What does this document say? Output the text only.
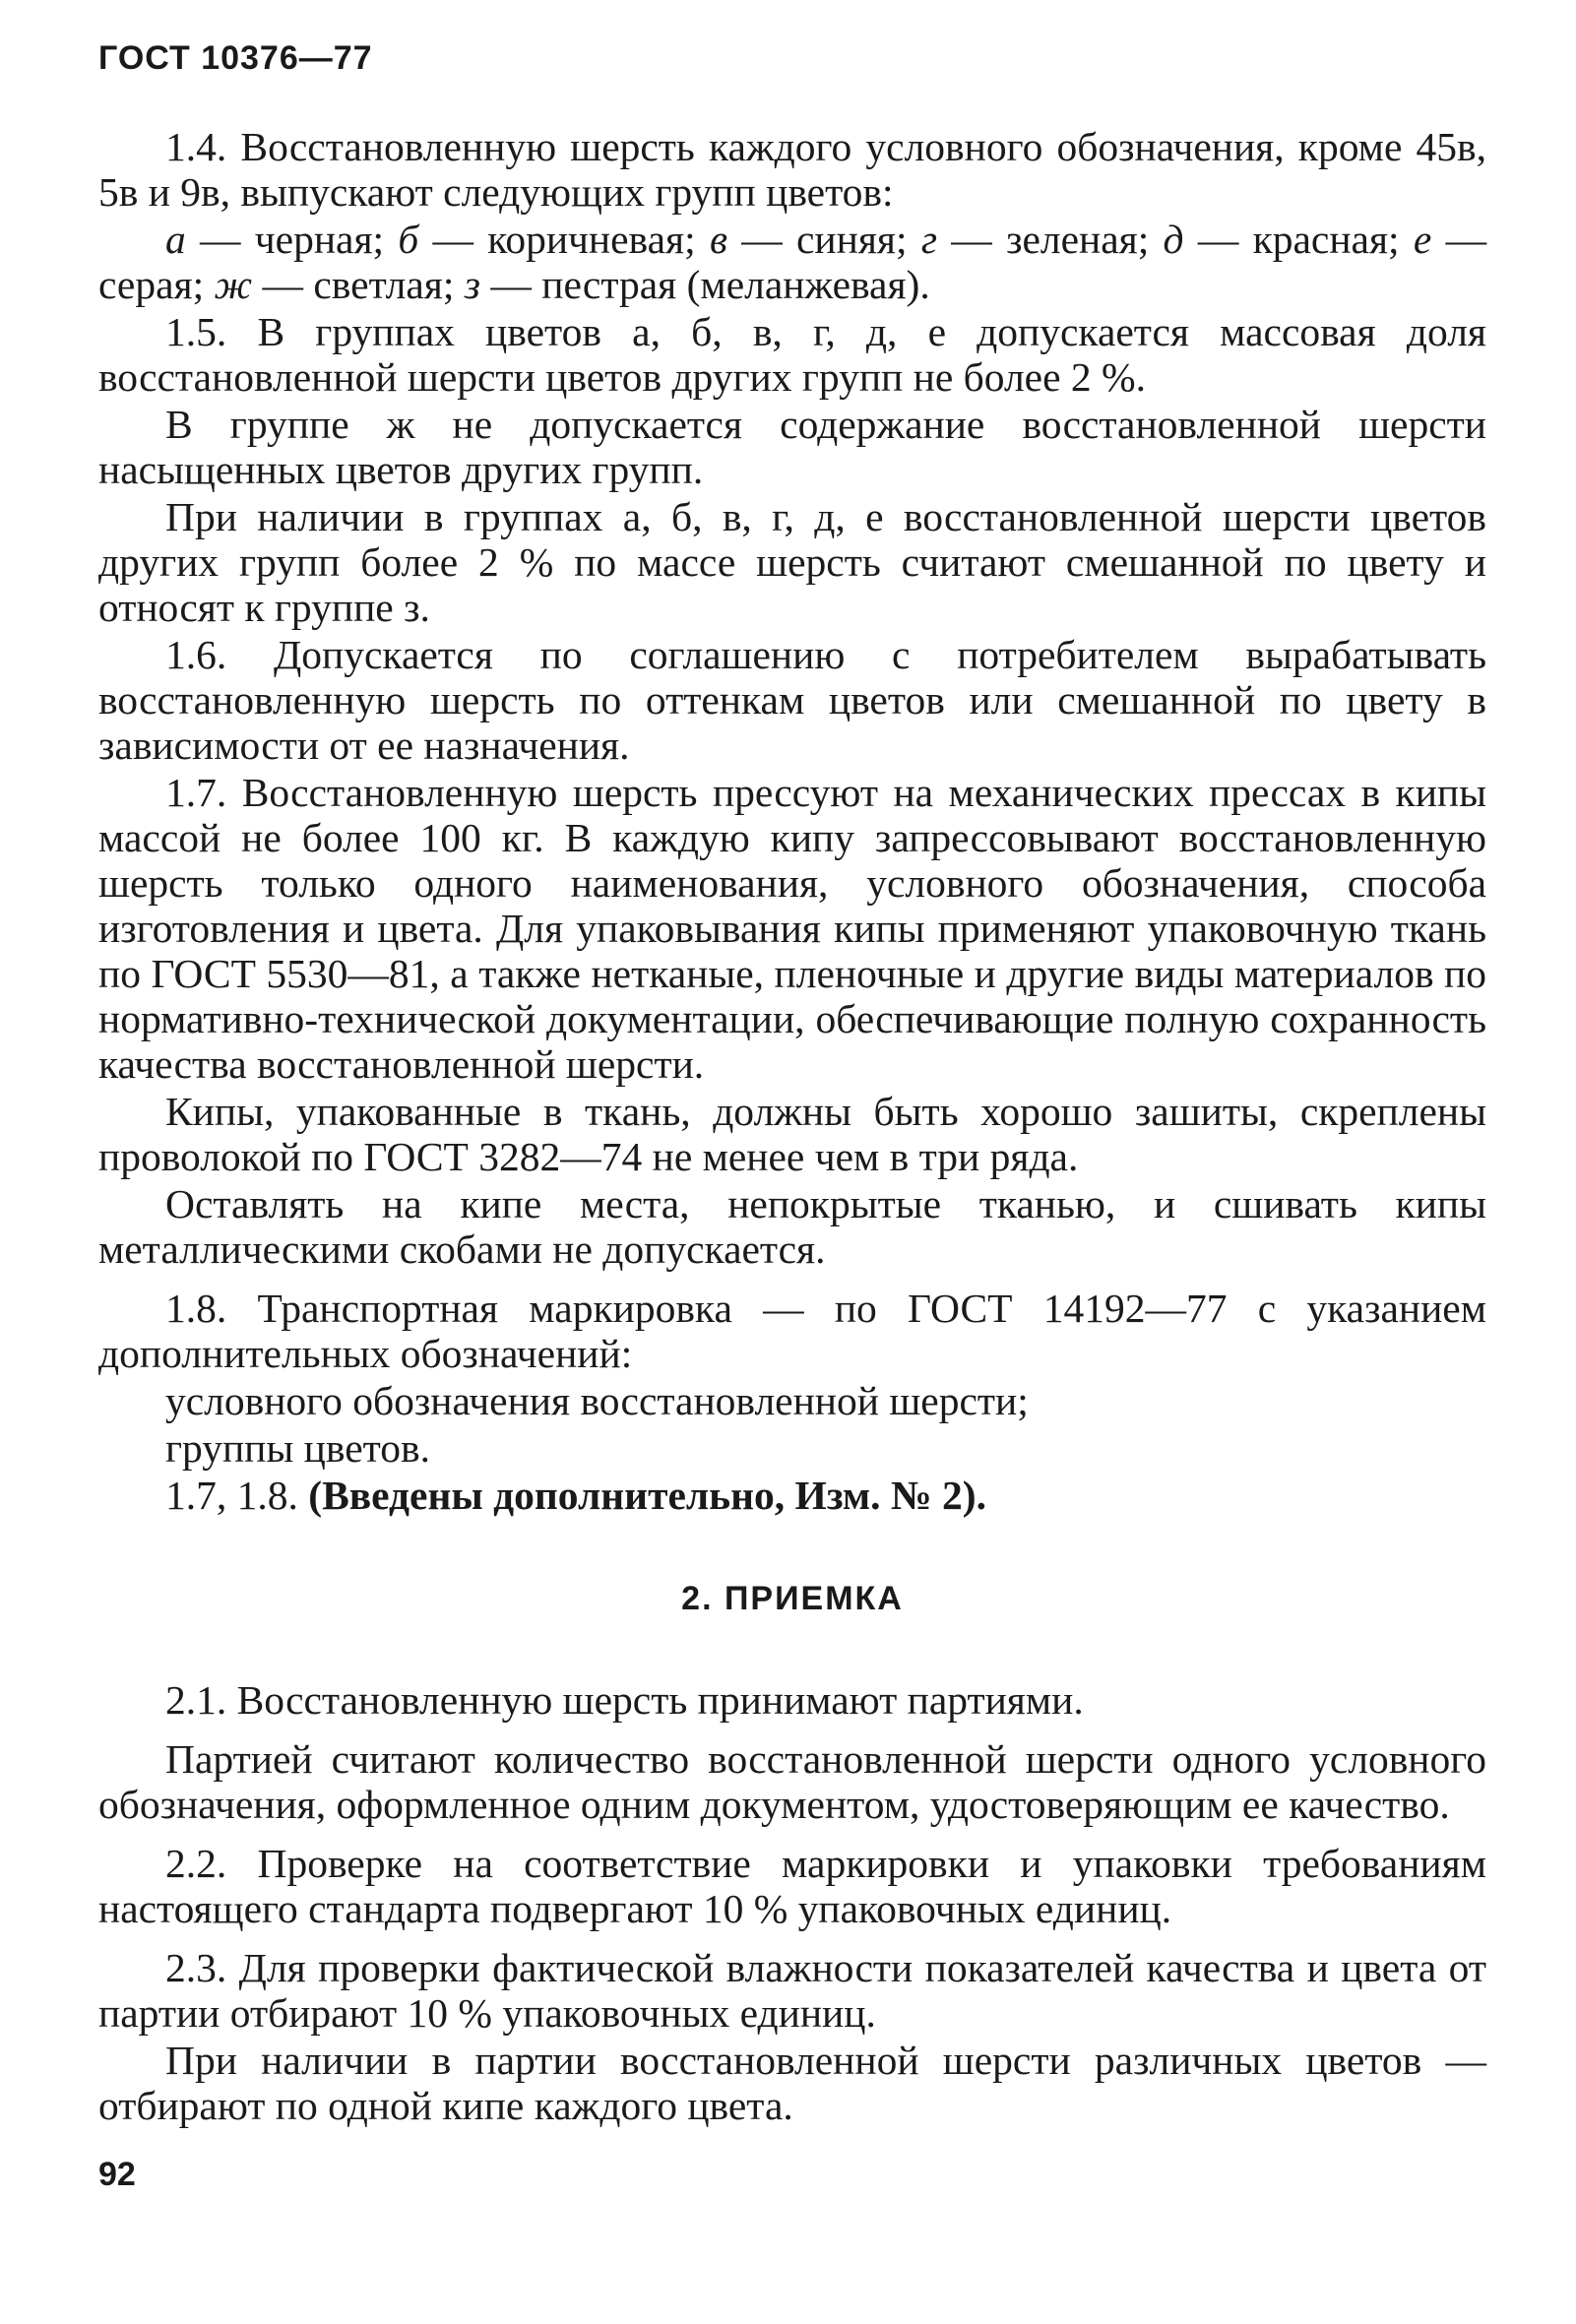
ГОСТ 10376—77

1.4. Восстановленную шерсть каждого условного обозначения, кроме 45в, 5в и 9в, выпускают следующих групп цветов:

а — черная; б — коричневая; в — синяя; г — зеленая; д — красная; е — серая; ж — светлая; з — пестрая (меланжевая).

1.5. В группах цветов а, б, в, г, д, е допускается массовая доля восстановленной шерсти цветов других групп не более 2 %.

В группе ж не допускается содержание восстановленной шерсти насыщенных цветов других групп.

При наличии в группах а, б, в, г, д, е восстановленной шерсти цветов других групп более 2 % по массе шерсть считают смешанной по цвету и относят к группе з.

1.6. Допускается по соглашению с потребителем вырабатывать восстановленную шерсть по оттенкам цветов или смешанной по цвету в зависимости от ее назначения.

1.7. Восстановленную шерсть прессуют на механических прессах в кипы массой не более 100 кг. В каждую кипу запрессовывают восстановленную шерсть только одного наименования, условного обозначения, способа изготовления и цвета. Для упаковывания кипы применяют упаковочную ткань по ГОСТ 5530—81, а также нетканые, пленочные и другие виды материалов по нормативно-технической документации, обеспечивающие полную сохранность качества восстановленной шерсти.

Кипы, упакованные в ткань, должны быть хорошо зашиты, скреплены проволокой по ГОСТ 3282—74 не менее чем в три ряда.

Оставлять на кипе места, непокрытые тканью, и сшивать кипы металлическими скобами не допускается.

1.8. Транспортная маркировка — по ГОСТ 14192—77 с указанием дополнительных обозначений:

условного обозначения восстановленной шерсти;

группы цветов.

1.7, 1.8. (Введены дополнительно, Изм. № 2).

2. ПРИЕМКА

2.1. Восстановленную шерсть принимают партиями.

Партией считают количество восстановленной шерсти одного условного обозначения, оформленное одним документом, удостоверяющим ее качество.

2.2. Проверке на соответствие маркировки и упаковки требованиям настоящего стандарта подвергают 10 % упаковочных единиц.

2.3. Для проверки фактической влажности показателей качества и цвета от партии отбирают 10 % упаковочных единиц.

При наличии в партии восстановленной шерсти различных цветов — отбирают по одной кипе каждого цвета.

92
